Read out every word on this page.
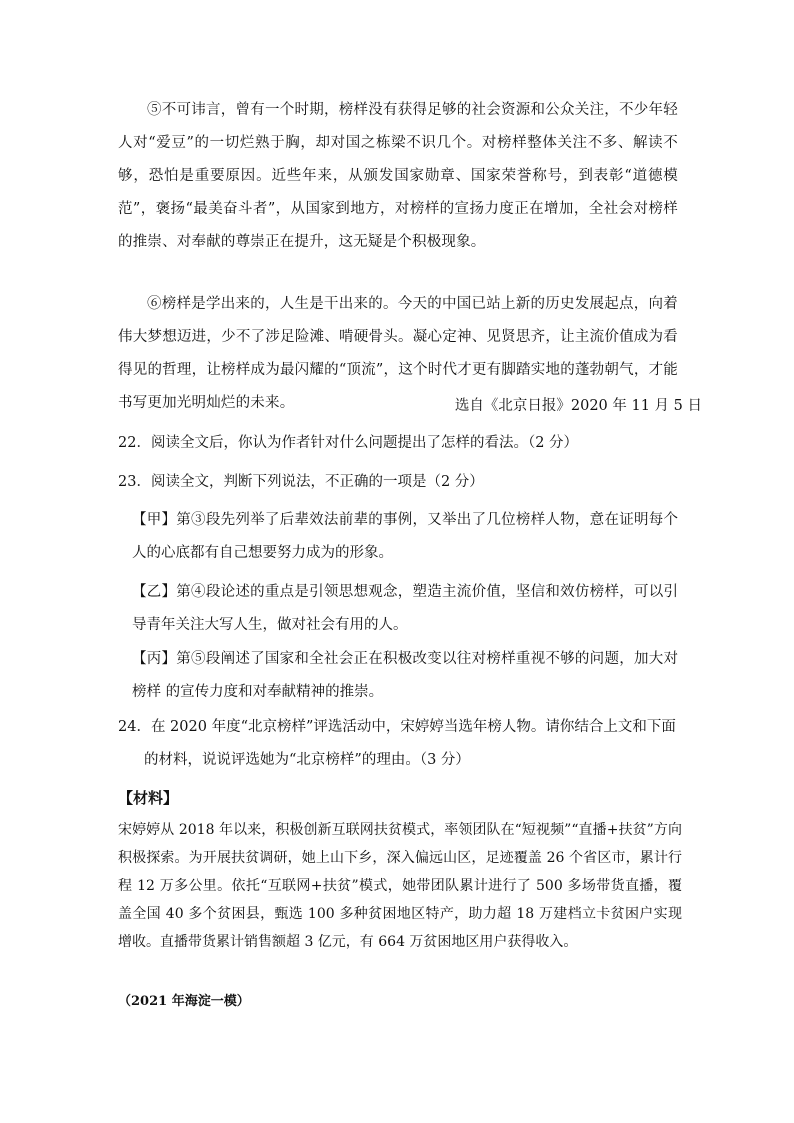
⑤不可讳言，曾有一个时期，榜样没有获得足够的社会资源和公众关注，不少年轻人对“爱豆”的一切烂熟于胸，却对国之栋梁不识几个。对榜样整体关注不多、解读不够，恐怕是重要原因。近些年来，从颁发国家勋章、国家荣誉称号，到表彰“道德模范”，褒扬“最美奋斗者”，从国家到地方，对榜样的宣扬力度正在增加，全社会对榜样的推崇、对奉献的尊崇正在提升，这无疑是个积极现象。
⑥榜样是学出来的，人生是干出来的。今天的中国已站上新的历史发展起点，向着伟大梦想迈进，少不了涉足险滩、啃硬骨头。凝心定神、见贤思齐，让主流价值成为看得见的哲理，让榜样成为最闪耀的“顶流”，这个时代才更有脚踏实地的蓬勃朝气，才能书写更加光明灿烂的未来。	选自《北京日报》2020 年 11 月 5 日
22．阅读全文后，你认为作者针对什么问题提出了怎样的看法。（2 分）
23．阅读全文，判断下列说法，不正确的一项是（2 分）
【甲】第③段先列举了后辈效法前辈的事例，又举出了几位榜样人物，意在证明每个人的心底都有自己想要努力成为的形象。
【乙】第④段论述的重点是引领思想观念，塑造主流价值，坚信和效仿榜样，可以引导青年关注大写人生，做对社会有用的人。
【丙】第⑤段阐述了国家和全社会正在积极改变以往对榜样重视不够的问题，加大对榜样 的宣传力度和对奉献精神的推崇。
24．在 2020 年度“北京榜样”评选活动中，宋婷婷当选年榜人物。请你结合上文和下面的材料，说说评选她为“北京榜样”的理由。（3 分）
【材料】
宋婷婷从 2018 年以来，积极创新互联网扶贫模式，率领团队在“短视频”“直播+扶贫”方向积极探索。为开展扶贫调研，她上山下乡，深入偏远山区，足迹覆盖 26 个省区市，累计行程 12 万多公里。依托“互联网+扶贫”模式，她带团队累计进行了 500 多场带货直播，覆盖全国 40 多个贫困县，甄选 100 多种贫困地区特产，助力超 18 万建档立卡贫困户实现增收。直播带货累计销售额超 3 亿元，有 664 万贫困地区用户获得收入。
（2021 年海淀一模）
